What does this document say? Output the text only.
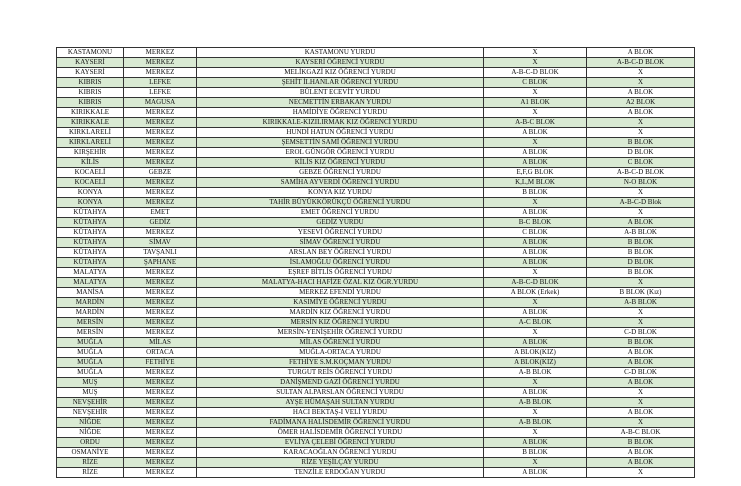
KASTAMONU	MERKEZ	KASTAMONU YURDU	X	A BLOK
KAYSERİ	MERKEZ	KAYSERİ ÖĞRENCİ YURDU	X	A-B-C-D BLOK
KAYSERİ	MERKEZ	MELİKGAZİ KIZ ÖĞRENCİ YURDU	A-B-C-D BLOK	X
KIBRIS	LEFKE	ŞEHİT İLHANLAR ÖĞRENCİ YURDU	C BLOK	X
KIBRIS	LEFKE	BÜLENT ECEVİT YURDU	X	A BLOK
KIBRIS	MAGUSA	NECMETTİN ERBAKAN YURDU	A1 BLOK	A2 BLOK
KIRIKKALE	MERKEZ	HAMİDİYE ÖĞRENCİ YURDU	X	A BLOK
KIRIKKALE	MERKEZ	KIRIKKALE-KIZILIRMAK KIZ ÖĞRENCİ YURDU	A-B-C BLOK	X
KIRKLARELİ	MERKEZ	HUNDİ HATUN ÖĞRENCİ YURDU	A BLOK	X
KIRKLARELİ	MERKEZ	ŞEMSETTİN SAMİ ÖĞRENCİ YURDU	X	B BLOK
KIRŞEHİR	MERKEZ	EROL GÜNGÖR ÖĞRENCİ YURDU	A BLOK	D BLOK
KİLİS	MERKEZ	KİLİS KIZ ÖĞRENCİ YURDU	A BLOK	C BLOK
KOCAELİ	GEBZE	GEBZE ÖĞRENCİ YURDU	E,F,G BLOK	A-B-C-D BLOK
KOCAELİ	MERKEZ	SAMİHA AYVERDİ ÖĞRENCİ YURDU	K,L,M BLOK	N-O BLOK
KONYA	MERKEZ	KONYA KIZ YURDU	B BLOK	X
KONYA	MERKEZ	TAHİR BÜYÜKKÖRÜKÇÜ ÖĞRENCİ YURDU	X	A-B-C-D Blok
KÜTAHYA	EMET	EMET ÖĞRENCİ YURDU	A BLOK	X
KÜTAHYA	GEDİZ	GEDİZ YURDU	B-C BLOK	A BLOK
KÜTAHYA	MERKEZ	YESEVİ ÖĞRENCİ YURDU	C BLOK	A-B BLOK
KÜTAHYA	SİMAV	SİMAV ÖĞRENCİ YURDU	A BLOK	B BLOK
KÜTAHYA	TAVŞANLI	ARSLAN BEY ÖĞRENCİ YURDU	A BLOK	B BLOK
KÜTAHYA	ŞAPHANE	İSLAMOĞLU ÖĞRENCİ YURDU	A BLOK	D BLOK
MALATYA	MERKEZ	EŞREF BİTLİS ÖĞRENCİ YURDU	X	B BLOK
MALATYA	MERKEZ	MALATYA-HACI HAFİZE ÖZAL KIZ ÖGR.YURDU	A-B-C-D BLOK	X
MANİSA	MERKEZ	MERKEZ EFENDİ YURDU	A BLOK (Erkek)	B BLOK (Kız)
MARDİN	MERKEZ	KASIMİYE ÖĞRENCİ YURDU	X	A-B BLOK
MARDİN	MERKEZ	MARDİN KIZ ÖĞRENCİ YURDU	A BLOK	X
MERSİN	MERKEZ	MERSİN KIZ ÖĞRENCİ YURDU	A-C BLOK	X
MERSİN	MERKEZ	MERSİN-YENİŞEHİR ÖĞRENCİ YURDU	X	C-D BLOK
MUĞLA	MİLAS	MİLAS ÖĞRENCİ YURDU	A BLOK	B BLOK
MUĞLA	ORTACA	MUĞLA-ORTACA YURDU	A BLOK(KIZ)	A BLOK
MUĞLA	FETHİYE	FETHİYE S.M.KOÇMAN YURDU	A BLOK(KIZ)	A BLOK
MUĞLA	MERKEZ	TURGUT REİS ÖĞRENCİ YURDU	A-B BLOK	C-D BLOK
MUŞ	MERKEZ	DANİŞMEND GAZİ ÖĞRENCİ YURDU	X	A BLOK
MUŞ	MERKEZ	SULTAN ALPARSLAN ÖĞRENCİ YURDU	A BLOK	X
NEVŞEHİR	MERKEZ	AYŞE HÜMAŞAH SULTAN YURDU	A-B BLOK	X
NEVŞEHİR	MERKEZ	HACI BEKTAŞ-I VELİ YURDU	X	A BLOK
NİĞDE	MERKEZ	FADİMANA HALİSDEMİR ÖĞRENCİ YURDU	A-B BLOK	X
NİĞDE	MERKEZ	ÖMER HALİSDEMİR ÖĞRENCİ YURDU	X	A-B-C BLOK
ORDU	MERKEZ	EVLİYA ÇELEBİ ÖĞRENCİ YURDU	A BLOK	B BLOK
OSMANİYE	MERKEZ	KARACAOĞLAN ÖĞRENCİ YURDU	B BLOK	A BLOK
RİZE	MERKEZ	RİZE YEŞİLÇAY YURDU	X	A BLOK
RİZE	MERKEZ	TENZİLE ERDOĞAN YURDU	A BLOK	X
